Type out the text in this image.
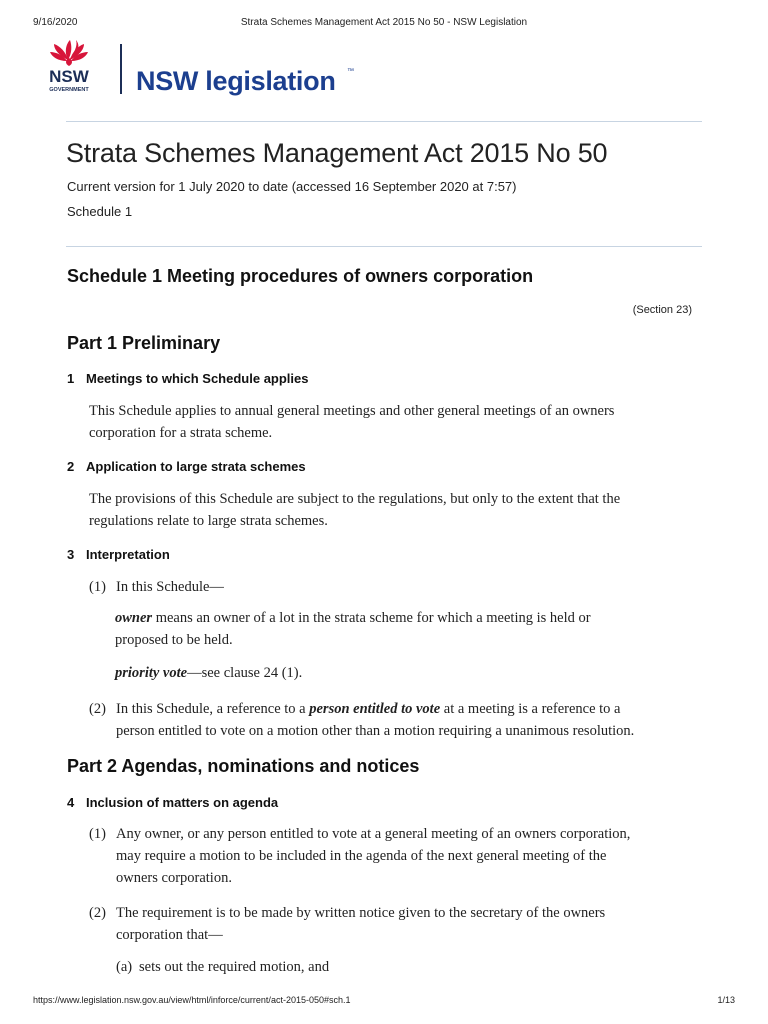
9/16/2020	Strata Schemes Management Act 2015 No 50 - NSW Legislation
NSW
GOVERNMENT NSW legislation ™
Strata Schemes Management Act 2015 No 50
Current version for 1 July 2020 to date (accessed 16 September 2020 at 7:57)
Schedule 1
Schedule 1 Meeting procedures of owners corporation
(Section 23)
Part 1 Preliminary
1 Meetings to which Schedule applies
This Schedule applies to annual general meetings and other general meetings of an owners
corporation for a strata scheme.
2 Application to large strata schemes
The provisions of this Schedule are subject to the regulations, but only to the extent that the
regulations relate to large strata schemes.
3 Interpretation
(1) In this Schedule—
owner means an owner of a lot in the strata scheme for which a meeting is held or
proposed to be held.
priority vote—see clause 24 (1).
(2) In this Schedule, a reference to a person entitled to vote at a meeting is a reference to a
person entitled to vote on a motion other than a motion requiring a unanimous resolution.
Part 2 Agendas, nominations and notices
4 Inclusion of matters on agenda
(1) Any owner, or any person entitled to vote at a general meeting of an owners corporation,
may require a motion to be included in the agenda of the next general meeting of the
owners corporation.
(2) The requirement is to be made by written notice given to the secretary of the owners
corporation that—
(a) sets out the required motion, and
https://www.legislation.nsw.gov.au/view/html/inforce/current/act-2015-050#sch.1	1/13
